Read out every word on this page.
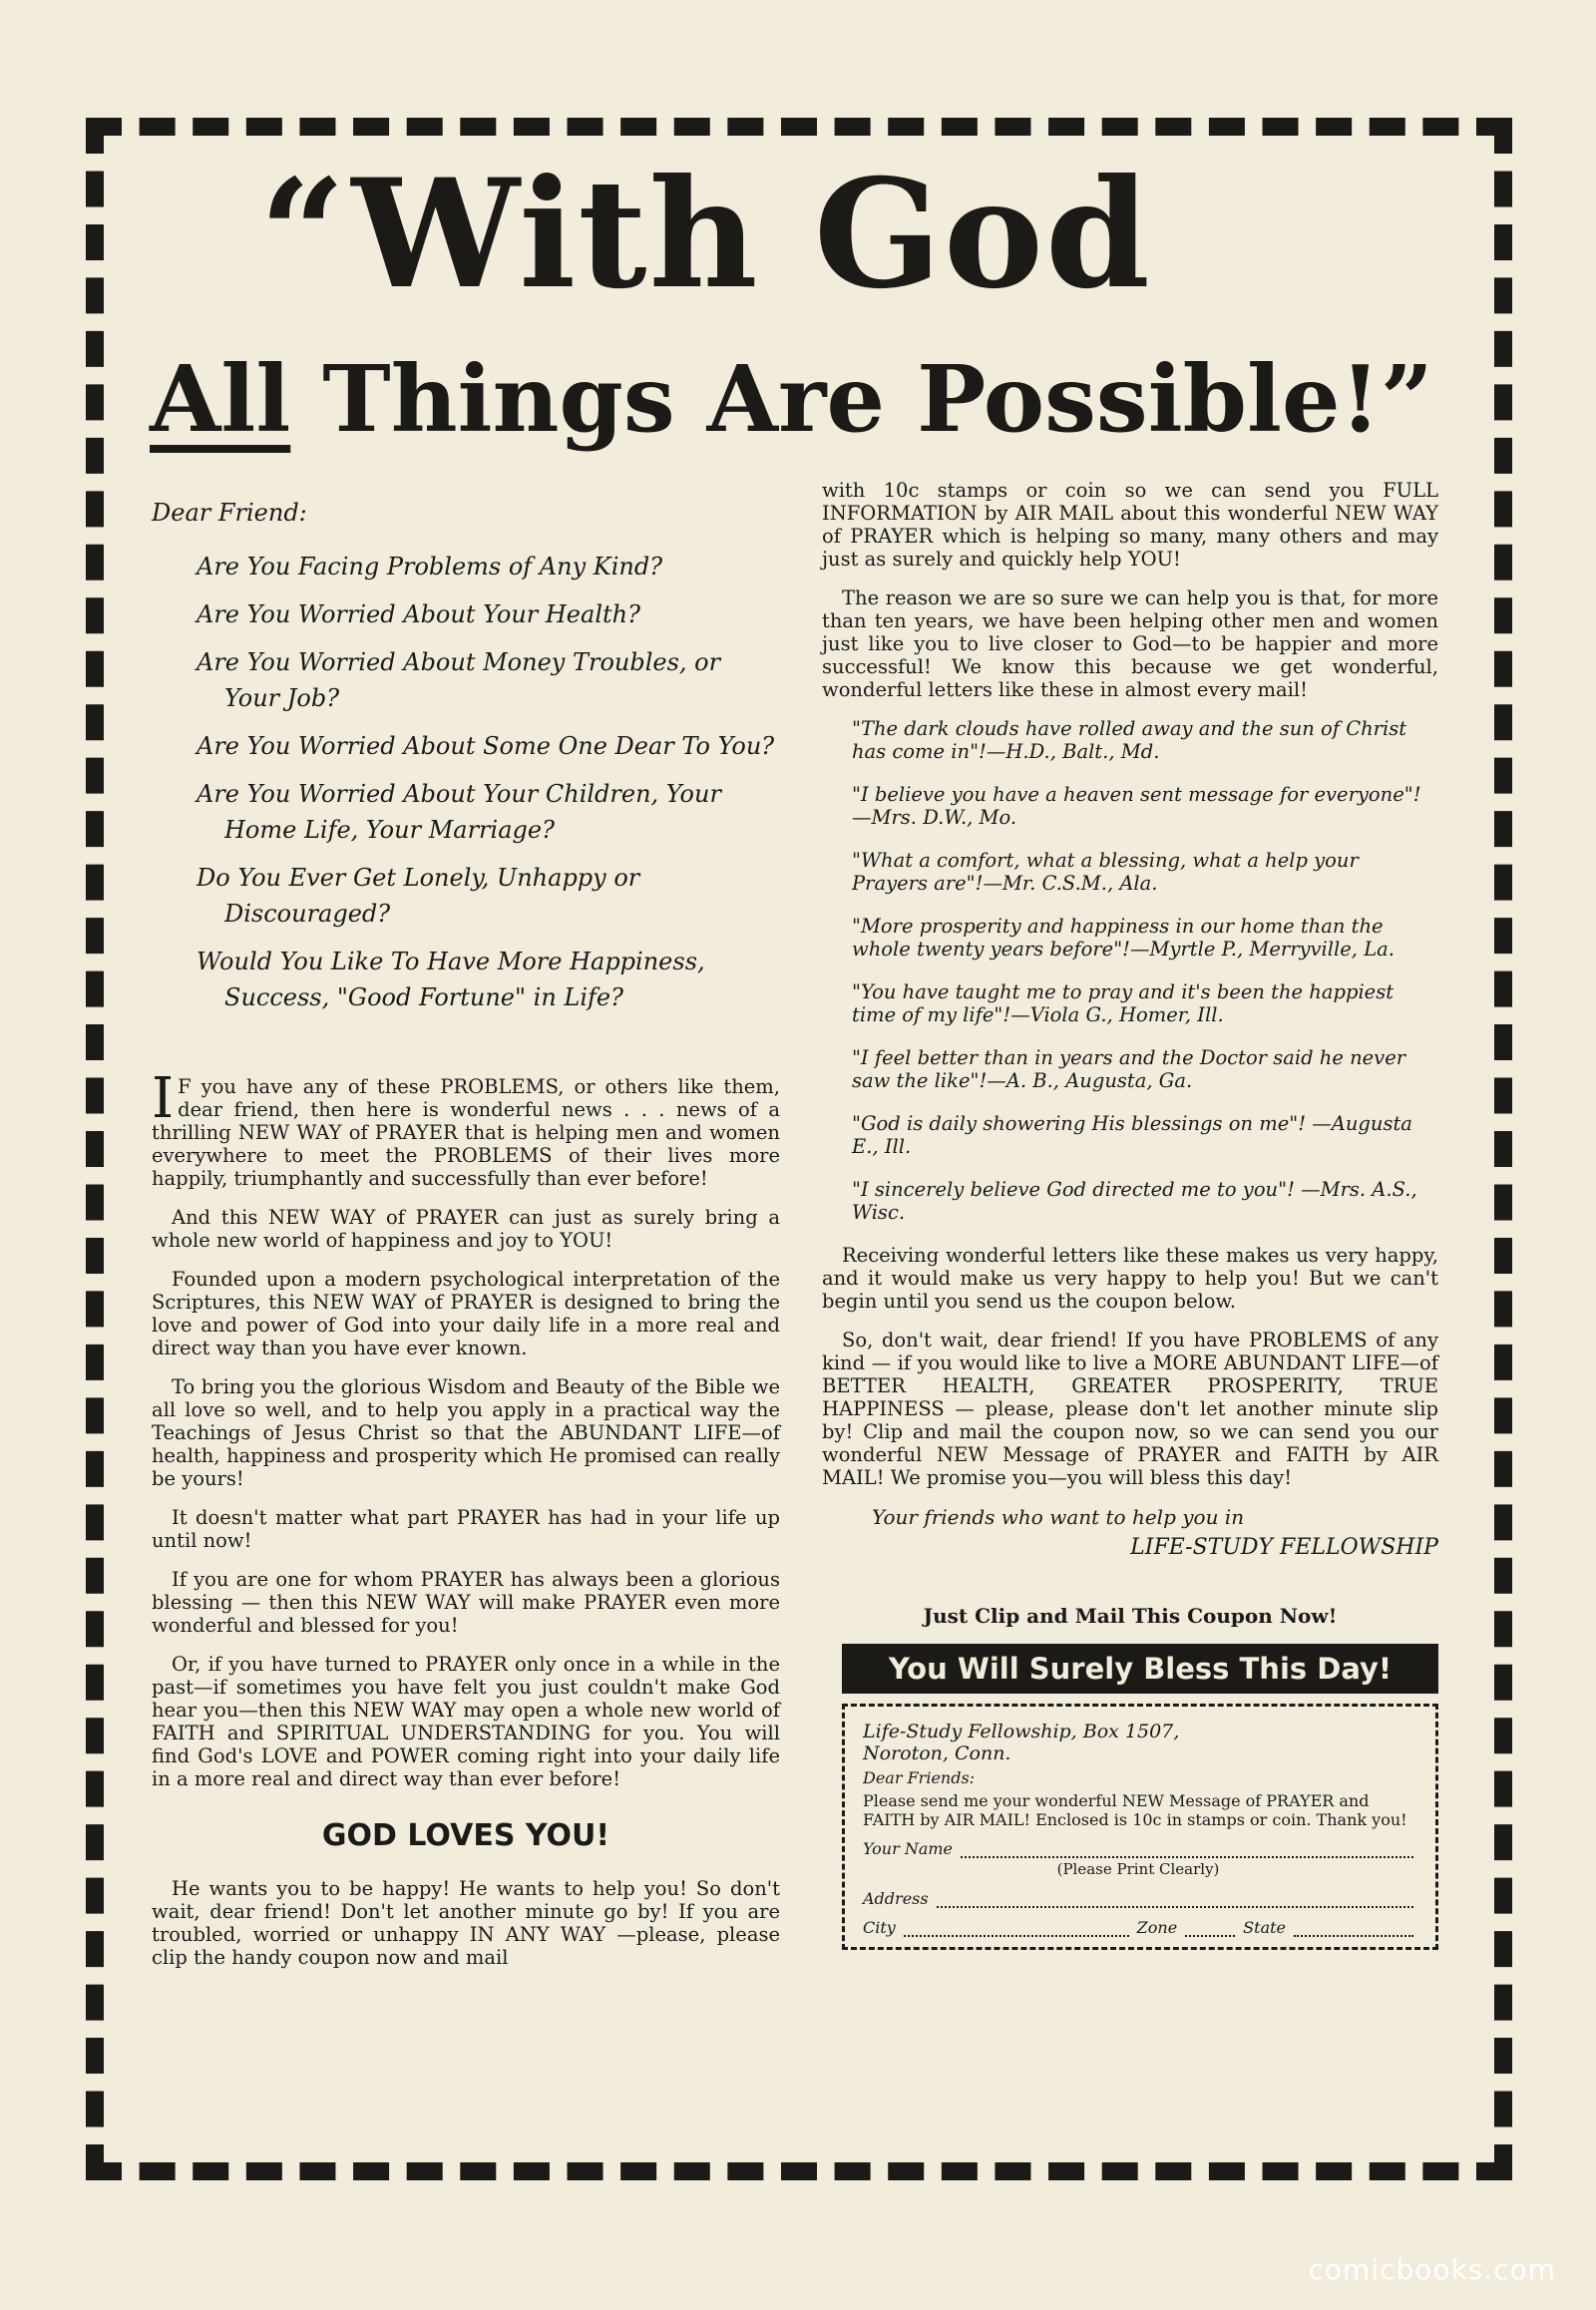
“With God
All Things Are Possible!”
Dear Friend:
Are You Facing Problems of Any Kind?
Are You Worried About Your Health?
Are You Worried About Money Troubles, or Your Job?
Are You Worried About Some One Dear To You?
Are You Worried About Your Children, Your Home Life, Your Marriage?
Do You Ever Get Lonely, Unhappy or Discouraged?
Would You Like To Have More Happiness, Success, "Good Fortune" in Life?

I F you have any of these PROBLEMS, or others like them, dear friend, then here is wonderful news . . . news of a thrilling NEW WAY of PRAYER that is helping men and women everywhere to meet the PROBLEMS of their lives more happily, triumphantly and successfully than ever before!

And this NEW WAY of PRAYER can just as surely bring a whole new world of happiness and joy to YOU!

Founded upon a modern psychological interpretation of the Scriptures, this NEW WAY of PRAYER is designed to bring the love and power of God into your daily life in a more real and direct way than you have ever known.

To bring you the glorious Wisdom and Beauty of the Bible we all love so well, and to help you apply in a practical way the Teachings of Jesus Christ so that the ABUNDANT LIFE—of health, happiness and prosperity which He promised can really be yours!

It doesn't matter what part PRAYER has had in your life up until now!

If you are one for whom PRAYER has always been a glorious blessing — then this NEW WAY will make PRAYER even more wonderful and blessed for you!

Or, if you have turned to PRAYER only once in a while in the past—if sometimes you have felt you just couldn't make God hear you—then this NEW WAY may open a whole new world of FAITH and SPIRITUAL UNDERSTANDING for you. You will find God's LOVE and POWER coming right into your daily life in a more real and direct way than ever before!

GOD LOVES YOU!

He wants you to be happy! He wants to help you! So don't wait, dear friend! Don't let another minute go by! If you are troubled, worried or unhappy IN ANY WAY —please, please clip the handy coupon now and mail

with 10c stamps or coin so we can send you FULL INFORMATION by AIR MAIL about this wonderful NEW WAY of PRAYER which is helping so many, many others and may just as surely and quickly help YOU!

The reason we are so sure we can help you is that, for more than ten years, we have been helping other men and women just like you to live closer to God—to be happier and more successful! We know this because we get wonderful, wonderful letters like these in almost every mail!

"The dark clouds have rolled away and the sun of Christ has come in"!—H.D., Balt., Md.

"I believe you have a heaven sent message for everyone"!—Mrs. D.W., Mo.

"What a comfort, what a blessing, what a help your Prayers are"!—Mr. C.S.M., Ala.

"More prosperity and happiness in our home than the whole twenty years before"!—Myrtle P., Merryville, La.

"You have taught me to pray and it's been the happiest time of my life"!—Viola G., Homer, Ill.

"I feel better than in years and the Doctor said he never saw the like"!—A. B., Augusta, Ga.

"God is daily showering His blessings on me"! —Augusta E., Ill.

"I sincerely believe God directed me to you"! —Mrs. A.S., Wisc.

Receiving wonderful letters like these makes us very happy, and it would make us very happy to help you! But we can't begin until you send us the coupon below.

So, don't wait, dear friend! If you have PROBLEMS of any kind — if you would like to live a MORE ABUNDANT LIFE—of BETTER HEALTH, GREATER PROSPERITY, TRUE HAPPINESS — please, please don't let another minute slip by! Clip and mail the coupon now, so we can send you our wonderful NEW Message of PRAYER and FAITH by AIR MAIL! We promise you—you will bless this day!

Your friends who want to help you in
LIFE-STUDY FELLOWSHIP
Just Clip and Mail This Coupon Now!
You Will Surely Bless This Day!
Life-Study Fellowship, Box 1507,
Noroton, Conn.
Dear Friends:
Please send me your wonderful NEW Message of PRAYER and FAITH by AIR MAIL! Enclosed is 10c in stamps or coin. Thank you!
Your Name
(Please Print Clearly)
Address
City	Zone	State
comicbooks.com
